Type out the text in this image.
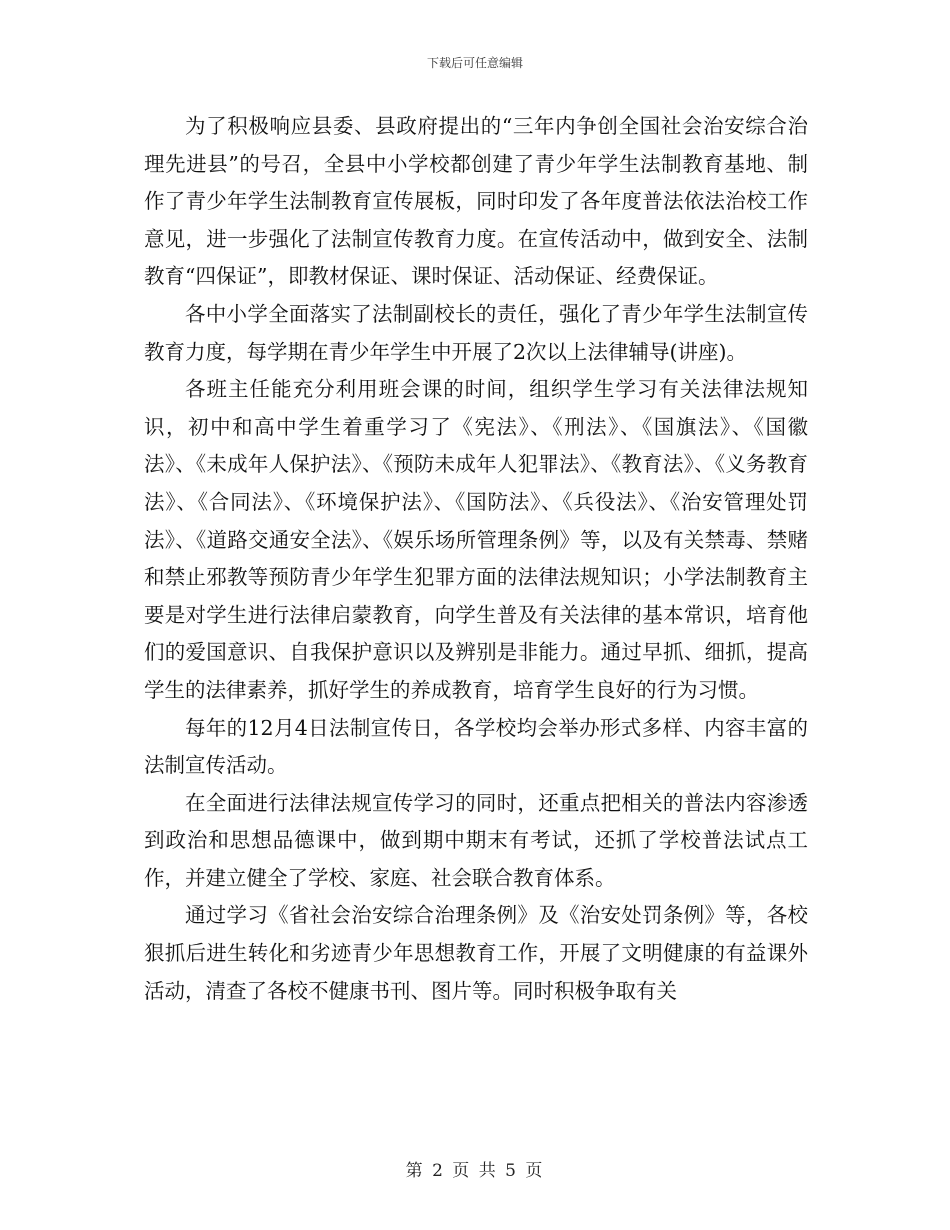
下载后可任意编辑

为了积极响应县委、县政府提出的“三年内争创全国社会治安综合治理先进县”的号召，全县中小学校都创建了青少年学生法制教育基地、制作了青少年学生法制教育宣传展板，同时印发了各年度普法依法治校工作意见，进一步强化了法制宣传教育力度。在宣传活动中，做到安全、法制教育“四保证”，即教材保证、课时保证、活动保证、经费保证。

各中小学全面落实了法制副校长的责任，强化了青少年学生法制宣传教育力度，每学期在青少年学生中开展了2次以上法律辅导(讲座)。

各班主任能充分利用班会课的时间，组织学生学习有关法律法规知识，初中和高中学生着重学习了《宪法》、《刑法》、《国旗法》、《国徽法》、《未成年人保护法》、《预防未成年人犯罪法》、《教育法》、《义务教育法》、《合同法》、《环境保护法》、《国防法》、《兵役法》、《治安管理处罚法》、《道路交通安全法》、《娱乐场所管理条例》等，以及有关禁毒、禁赌和禁止邪教等预防青少年学生犯罪方面的法律法规知识；小学法制教育主要是对学生进行法律启蒙教育，向学生普及有关法律的基本常识，培育他们的爱国意识、自我保护意识以及辨别是非能力。通过早抓、细抓，提高学生的法律素养，抓好学生的养成教育，培育学生良好的行为习惯。

每年的12月4日法制宣传日，各学校均会举办形式多样、内容丰富的法制宣传活动。

在全面进行法律法规宣传学习的同时，还重点把相关的普法内容渗透到政治和思想品德课中，做到期中期末有考试，还抓了学校普法试点工作，并建立健全了学校、家庭、社会联合教育体系。

通过学习《省社会治安综合治理条例》及《治安处罚条例》等，各校狠抓后进生转化和劣迹青少年思想教育工作，开展了文明健康的有益课外活动，清查了各校不健康书刊、图片等。同时积极争取有关

第 2 页 共 5 页
